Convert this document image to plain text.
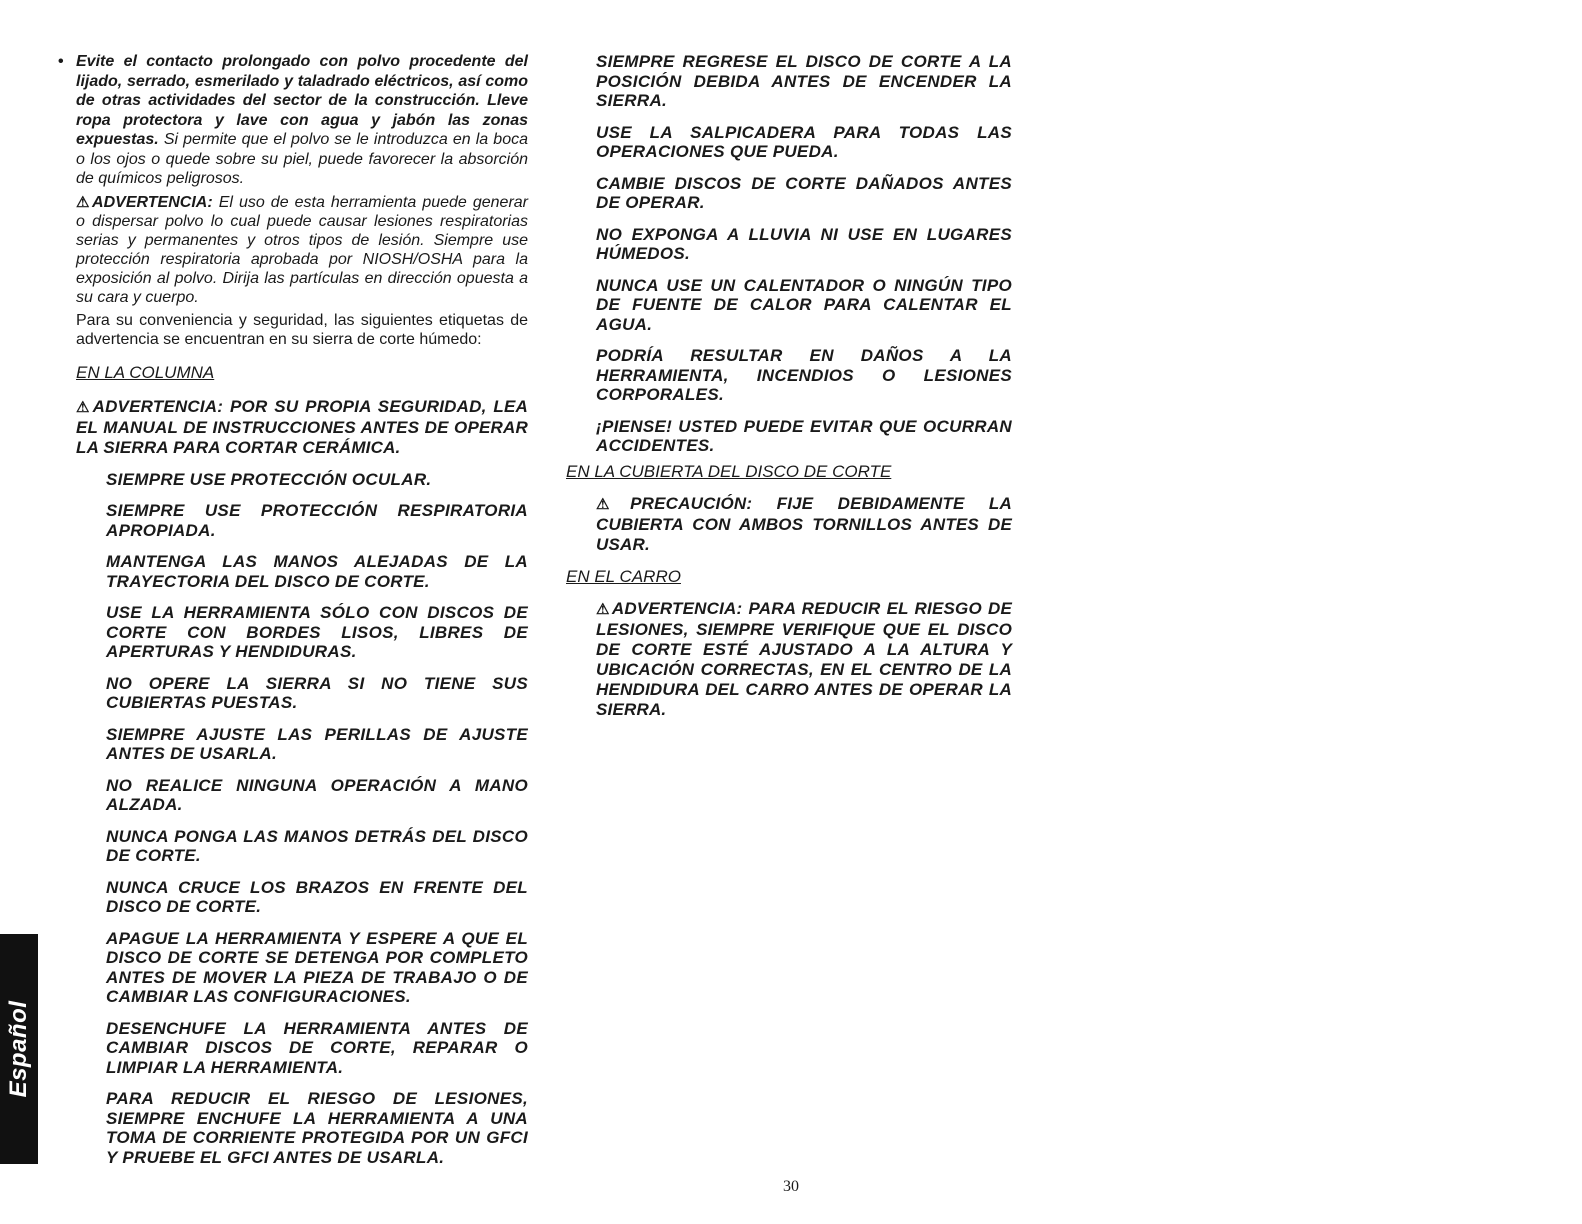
• Evite el contacto prolongado con polvo procedente del lijado, serrado, esmerilado y taladrado eléctricos, así como de otras actividades del sector de la construcción. Lleve ropa protectora y lave con agua y jabón las zonas expuestas. Si permite que el polvo se le introduzca en la boca o los ojos o quede sobre su piel, puede favorecer la absorción de químicos peligrosos.

⚠ADVERTENCIA: El uso de esta herramienta puede generar o dispersar polvo lo cual puede causar lesiones respiratorias serias y permanentes y otros tipos de lesión. Siempre use protección respiratoria aprobada por NIOSH/OSHA para la exposición al polvo. Dirija las partículas en dirección opuesta a su cara y cuerpo.

Para su conveniencia y seguridad, las siguientes etiquetas de advertencia se encuentran en su sierra de corte húmedo:

EN LA COLUMNA

⚠ADVERTENCIA: POR SU PROPIA SEGURIDAD, LEA EL MANUAL DE INSTRUCCIONES ANTES DE OPERAR LA SIERRA PARA CORTAR CERÁMICA.

SIEMPRE USE PROTECCIÓN OCULAR.

SIEMPRE USE PROTECCIÓN RESPIRATORIA APROPIADA.

MANTENGA LAS MANOS ALEJADAS DE LA TRAYECTORIA DEL DISCO DE CORTE.

USE LA HERRAMIENTA SÓLO CON DISCOS DE CORTE CON BORDES LISOS, LIBRES DE APERTURAS Y HENDIDURAS.

NO OPERE LA SIERRA SI NO TIENE SUS CUBIERTAS PUESTAS.

SIEMPRE AJUSTE LAS PERILLAS DE AJUSTE ANTES DE USARLA.

NO REALICE NINGUNA OPERACIÓN A MANO ALZADA.

NUNCA PONGA LAS MANOS DETRÁS DEL DISCO DE CORTE.

NUNCA CRUCE LOS BRAZOS EN FRENTE DEL DISCO DE CORTE.

APAGUE LA HERRAMIENTA Y ESPERE A QUE EL DISCO DE CORTE SE DETENGA POR COMPLETO ANTES DE MOVER LA PIEZA DE TRABAJO O DE CAMBIAR LAS CONFIGURACIONES.

DESENCHUFE LA HERRAMIENTA ANTES DE CAMBIAR DISCOS DE CORTE, REPARAR O LIMPIAR LA HERRAMIENTA.

PARA REDUCIR EL RIESGO DE LESIONES, SIEMPRE ENCHUFE LA HERRAMIENTA A UNA TOMA DE CORRIENTE PROTEGIDA POR UN GFCI Y PRUEBE EL GFCI ANTES DE USARLA.

SIEMPRE REGRESE EL DISCO DE CORTE A LA POSICIÓN DEBIDA ANTES DE ENCENDER LA SIERRA.

USE LA SALPICADERA PARA TODAS LAS OPERACIONES QUE PUEDA.

CAMBIE DISCOS DE CORTE DAÑADOS ANTES DE OPERAR.

NO EXPONGA A LLUVIA NI USE EN LUGARES HÚMEDOS.

NUNCA USE UN CALENTADOR O NINGÚN TIPO DE FUENTE DE CALOR PARA CALENTAR EL AGUA.

PODRÍA RESULTAR EN DAÑOS A LA HERRAMIENTA, INCENDIOS O LESIONES CORPORALES.

¡PIENSE! USTED PUEDE EVITAR QUE OCURRAN ACCIDENTES.

EN LA CUBIERTA DEL DISCO DE CORTE

⚠PRECAUCIÓN: FIJE DEBIDAMENTE LA CUBIERTA CON AMBOS TORNILLOS ANTES DE USAR.

EN EL CARRO

⚠ADVERTENCIA: PARA REDUCIR EL RIESGO DE LESIONES, SIEMPRE VERIFIQUE QUE EL DISCO DE CORTE ESTÉ AJUSTADO A LA ALTURA Y UBICACIÓN CORRECTAS, EN EL CENTRO DE LA HENDIDURA DEL CARRO ANTES DE OPERAR LA SIERRA.

Español
30
